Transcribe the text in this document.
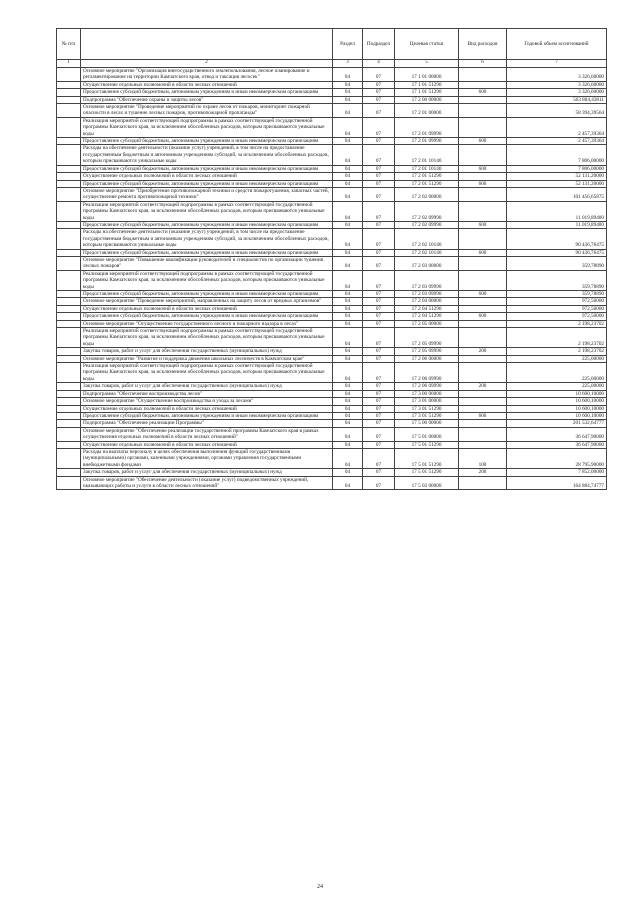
№ п/п		Раздел	Подраздел	Целевая статья	Вид расходов	Годовой объем ассигнований
1	2	3	4	5	6	7
	Основное мероприятие "Организация внегосударственного землепользования, лесное планирование и регламентирование на территории Камчатского края, отвод и таксация лесосек"	04	07	17 1 01 00000		3 326,60000
	Осуществление отдельных полномочий в области лесных отношений	04	07	17 1 01 51290		3 326,60000
	Предоставление субсидий бюджетным, автономным учреждениям и иным некоммерческим организациям	04	07	17 1 01 51290	600	3 326,60000
	Подпрограмма "Обеспечение охраны и защиты лесов"	04	07	17 2 00 00000		563 804,43811
	Основное мероприятие "Проведение мероприятий по охране лесов от пожаров, мониторинг пожарной опасности в лесах и тушение лесных пожаров, противопожарной пропаганды"	04	07	17 2 01 00000		58 394,39564
	Реализация мероприятий соответствующей подпрограммы в рамках соответствующей государственной программы Камчатского края, за исключением обособленных расходов, которым присваиваются уникальные коды	04	07	17 2 01 09990		2 457,39364
	Предоставление субсидий бюджетным, автономным учреждениям и иным некоммерческим организациям	04	07	17 2 01 09990	600	2 457,39364
	Расходы на обеспечение деятельности (оказание услуг) учреждений, в том числе на предоставление государственным бюджетным и автономным учреждениям субсидий, за исключением обособленных расходов, которым присваиваются уникальные коды	04	07	17 2 01 10140		7 806,00000
	Предоставление субсидий бюджетным, автономным учреждениям и иным некоммерческим организациям	04	07	17 2 01 10140	600	7 806,00000
	Осуществление отдельных полномочий в области лесных отношений	04	07	17 2 01 51290		52 131,20000
	Предоставление субсидий бюджетным, автономным учреждениям и иным некоммерческим организациям	04	07	17 2 01 51290	600	52 131,20000
	Основное мероприятие "Приобретение противопожарной техники и средств пожаротушения, запасных частей, осуществление ремонта противопожарной техники"	04	07	17 2 02 00000		101 456,65875
	Реализация мероприятий соответствующей подпрограммы в рамках соответствующей государственной программы Камчатского края, за исключением обособленных расходов, которым присваиваются уникальные коды	04	07	17 2 02 09990		11 019,89400
	Предоставление субсидий бюджетным, автономным учреждениям и иным некоммерческим организациям	04	07	17 2 02 09990	600	11 019,89400
	Расходы на обеспечение деятельности (оказание услуг) учреждений, в том числе на предоставление государственным бюджетным и автономным учреждениям субсидий, за исключением обособленных расходов, которым присваиваются уникальные коды	04	07	17 2 02 10140		90 436,76475
	Предоставление субсидий бюджетным, автономным учреждениям и иным некоммерческим организациям	04	07	17 2 02 10140	600	90 436,76475
	Основное мероприятие "Повышение квалификации руководителей и специалистов по организации тушения лесных пожаров"	04	07	17 2 03 00000		359,78890
	Реализация мероприятий соответствующей подпрограммы в рамках соответствующей государственной программы Камчатского края, за исключением обособленных расходов, которым присваиваются уникальные коды	04	07	17 2 03 09990		359,78890
	Предоставление субсидий бюджетным, автономным учреждениям и иным некоммерческим организациям	04	07	17 2 03 09990	600	359,78890
	Основное мероприятие "Проведение мероприятий, направленных на защиту лесов от вредных организмов"	04	07	17 2 04 00000		972,50000
	Осуществление отдельных полномочий в области лесных отношений	04	07	17 2 04 51290		972,50000
	Предоставление субсидий бюджетным, автономным учреждениям и иным некоммерческим организациям	04	07	17 2 04 51290	600	972,50000
	Основное мероприятие "Осуществление государственного лесного и пожарного надзора в лесах"	04	07	17 2 05 00000		2 198,23702
	Реализация мероприятий соответствующей подпрограммы в рамках соответствующей государственной программы Камчатского края, за исключением обособленных расходов, которым присваиваются уникальные коды	04	07	17 2 05 09990		2 198,23702
	Закупка товаров, работ и услуг для обеспечения государственных (муниципальных) нужд	04	07	17 2 05 09990	200	2 198,23702
	Основное мероприятие "Развитие и поддержка движения школьных лесничеств в Камчатском крае"	04	07	17 2 06 00000		225,00000
	Реализация мероприятий соответствующей подпрограммы в рамках соответствующей государственной программы Камчатского края, за исключением обособленных расходов, которым присваиваются уникальные коды	04	07	17 2 06 09990		225,00000
	Закупка товаров, работ и услуг для обеспечения государственных (муниципальных) нужд	04	07	17 2 06 09990	200	225,00000
	Подпрограмма "Обеспечение воспроизводства лесов"	04	07	17 3 00 00000		10 600,10000
	Основное мероприятие "Осуществление воспроизводства и ухода за лесами"	04	07	17 3 01 00000		10 600,10000
	Осуществление отдельных полномочий в области лесных отношений	04	07	17 3 01 51290		10 600,10000
	Предоставление субсидий бюджетным, автономным учреждениям и иным некоммерческим организациям	04	07	17 3 01 51290	600	10 600,10000
	Подпрограмма "Обеспечение реализации Программы"	04	07	17 5 00 00000		201 532,64777
	Основное мероприятие "Обеспечение реализации государственной программы Камчатского края в рамках осуществления отдельных полномочий в области лесных отношений"	04	07	17 5 01 00000		36 647,90000
	Осуществление отдельных полномочий в области лесных отношений	04	07	17 5 01 51290		36 647,90000
	Расходы на выплаты персоналу в целях обеспечения выполнения функций государственными (муниципальными) органами, казенными учреждениями, органами управления государственными внебюджетными фондами	04	07	17 5 01 51290	100	28 795,90000
	Закупка товаров, работ и услуг для обеспечения государственных (муниципальных) нужд	04	07	17 5 01 51290	200	7 852,00000
	Основное мероприятие "Обеспечение деятельности (оказание услуг) подведомственных учреждений, оказывающих работы и услуги в области лесных отношений"	04	07	17 5 03 00000		164 884,74777
24
